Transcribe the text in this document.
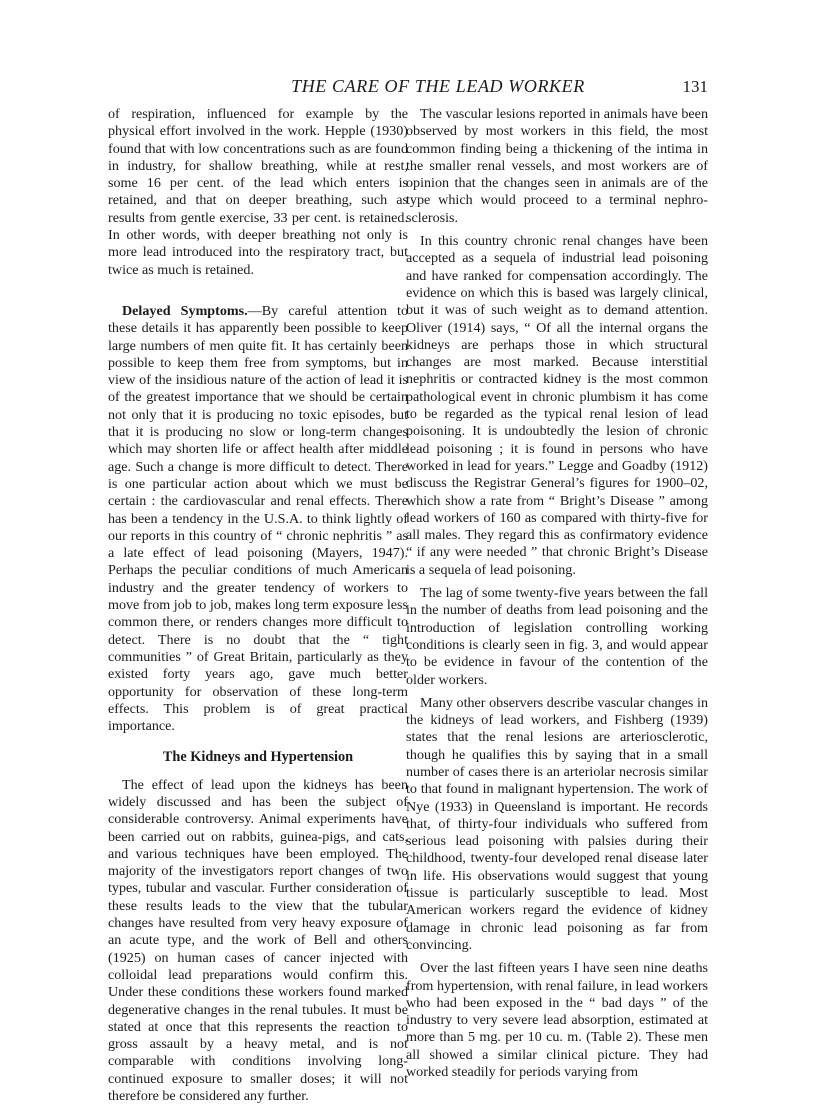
THE CARE OF THE LEAD WORKER	131

of respiration, influenced for example by the physical effort involved in the work. Hepple (1930) found that with low concentrations such as are found in industry, for shallow breathing, while at rest, some 16 per cent. of the lead which enters is retained, and that on deeper breathing, such as results from gentle exercise, 33 per cent. is retained. In other words, with deeper breathing not only is more lead introduced into the respiratory tract, but twice as much is retained.

Delayed Symptoms.—By careful attention to these details it has apparently been possible to keep large numbers of men quite fit. It has certainly been possible to keep them free from symptoms, but in view of the insidious nature of the action of lead it is of the greatest importance that we should be certain not only that it is producing no toxic episodes, but that it is producing no slow or long-term changes which may shorten life or affect health after middle age. Such a change is more difficult to detect. There is one particular action about which we must be certain : the cardiovascular and renal effects. There has been a tendency in the U.S.A. to think lightly of our reports in this country of “ chronic nephritis ” as a late effect of lead poisoning (Mayers, 1947). Perhaps the peculiar conditions of much American industry and the greater tendency of workers to move from job to job, makes long term exposure less common there, or renders changes more difficult to detect. There is no doubt that the “ tight communities ” of Great Britain, particularly as they existed forty years ago, gave much better opportunity for observation of these long-term effects. This problem is of great practical importance.

The Kidneys and Hypertension

The effect of lead upon the kidneys has been widely discussed and has been the subject of considerable controversy. Animal experiments have been carried out on rabbits, guinea-pigs, and cats, and various techniques have been employed. The majority of the investigators report changes of two types, tubular and vascular. Further consideration of these results leads to the view that the tubular changes have resulted from very heavy exposure of an acute type, and the work of Bell and others (1925) on human cases of cancer injected with colloidal lead preparations would confirm this. Under these conditions these workers found marked degenerative changes in the renal tubules. It must be stated at once that this represents the reaction to gross assault by a heavy metal, and is not comparable with conditions involving long-continued exposure to smaller doses; it will not therefore be considered any further.

The vascular lesions reported in animals have been observed by most workers in this field, the most common finding being a thickening of the intima in the smaller renal vessels, and most workers are of opinion that the changes seen in animals are of the type which would proceed to a terminal nephro-sclerosis.

In this country chronic renal changes have been accepted as a sequela of industrial lead poisoning and have ranked for compensation accordingly. The evidence on which this is based was largely clinical, but it was of such weight as to demand attention. Oliver (1914) says, “ Of all the internal organs the kidneys are perhaps those in which structural changes are most marked. Because interstitial nephritis or contracted kidney is the most common pathological event in chronic plumbism it has come to be regarded as the typical renal lesion of lead poisoning. It is undoubtedly the lesion of chronic lead poisoning ; it is found in persons who have worked in lead for years.” Legge and Goadby (1912) discuss the Registrar General’s figures for 1900–02, which show a rate from “ Bright’s Disease ” among lead workers of 160 as compared with thirty-five for all males. They regard this as confirmatory evidence “ if any were needed ” that chronic Bright’s Disease is a sequela of lead poisoning.

The lag of some twenty-five years between the fall in the number of deaths from lead poisoning and the introduction of legislation controlling working conditions is clearly seen in fig. 3, and would appear to be evidence in favour of the contention of the older workers.

Many other observers describe vascular changes in the kidneys of lead workers, and Fishberg (1939) states that the renal lesions are arteriosclerotic, though he qualifies this by saying that in a small number of cases there is an arteriolar necrosis similar to that found in malignant hypertension. The work of Nye (1933) in Queensland is important. He records that, of thirty-four individuals who suffered from serious lead poisoning with palsies during their childhood, twenty-four developed renal disease later in life. His observations would suggest that young tissue is particularly susceptible to lead. Most American workers regard the evidence of kidney damage in chronic lead poisoning as far from convincing.

Over the last fifteen years I have seen nine deaths from hypertension, with renal failure, in lead workers who had been exposed in the “ bad days ” of the industry to very severe lead absorption, estimated at more than 5 mg. per 10 cu. m. (Table 2). These men all showed a similar clinical picture. They had worked steadily for periods varying from
